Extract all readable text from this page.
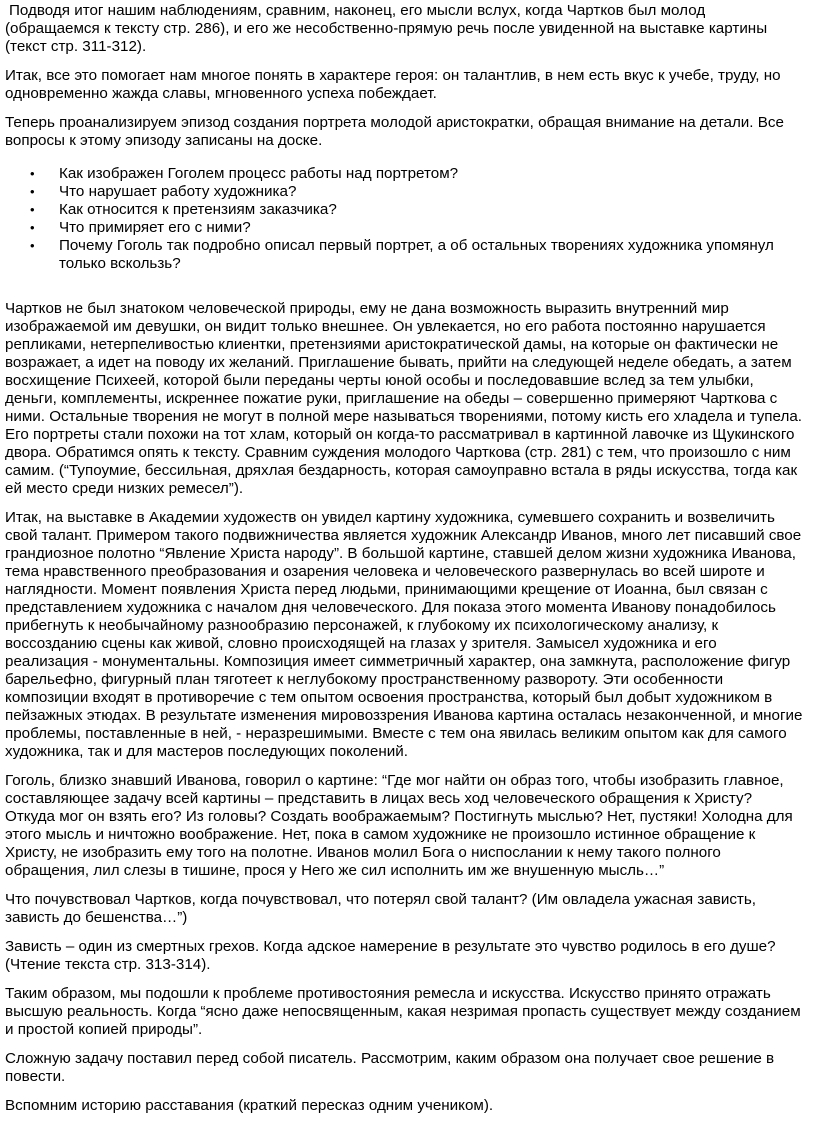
Подводя итог нашим наблюдениям, сравним, наконец, его мысли вслух, когда Чартков был молод (обращаемся к тексту стр. 286), и его же несобственно-прямую речь после увиденной на выставке картины (текст стр. 311-312).

Итак, все это помогает нам многое понять в характере героя: он талантлив, в нем есть вкус к учебе, труду, но одновременно жажда славы, мгновенного успеха побеждает.

Теперь проанализируем эпизод создания портрета молодой аристократки, обращая внимание на детали. Все вопросы к этому эпизоду записаны на доске.

• Как изображен Гоголем процесс работы над портретом?
• Что нарушает работу художника?
• Как относится к претензиям заказчика?
• Что примиряет его с ними?
• Почему Гоголь так подробно описал первый портрет, а об остальных творениях художника упомянул только вскользь?

Чартков не был знатоком человеческой природы, ему не дана возможность выразить внутренний мир изображаемой им девушки, он видит только внешнее. Он увлекается, но его работа постоянно нарушается репликами, нетерпеливостью клиентки, претензиями аристократической дамы, на которые он фактически не возражает, а идет на поводу их желаний. Приглашение бывать, прийти на следующей неделе обедать, а затем восхищение Психеей, которой были переданы черты юной особы и последовавшие вслед за тем улыбки, деньги, комплементы, искреннее пожатие руки, приглашение на обеды – совершенно примеряют Чарткова с ними. Остальные творения не могут в полной мере называться творениями, потому кисть его хладела и тупела. Его портреты стали похожи на тот хлам, который он когда-то рассматривал в картинной лавочке из Щукинского двора. Обратимся опять к тексту. Сравним суждения молодого Чарткова (стр. 281) с тем, что произошло с ним самим. (“Тупоумие, бессильная, дряхлая бездарность, которая самоуправно встала в ряды искусства, тогда как ей место среди низких ремесел”).

Итак, на выставке в Академии художеств он увидел картину художника, сумевшего сохранить и возвеличить свой талант. Примером такого подвижничества является художник Александр Иванов, много лет писавший свое грандиозное полотно “Явление Христа народу”. В большой картине, ставшей делом жизни художника Иванова, тема нравственного преобразования и озарения человека и человеческого развернулась во всей широте и наглядности. Момент появления Христа перед людьми, принимающими крещение от Иоанна, был связан с представлением художника с началом дня человеческого. Для показа этого момента Иванову понадобилось прибегнуть к необычайному разнообразию персонажей, к глубокому их психологическому анализу, к воссозданию сцены как живой, словно происходящей на глазах у зрителя. Замысел художника и его реализация - монументальны. Композиция имеет симметричный характер, она замкнута, расположение фигур барельефно, фигурный план тяготеет к неглубокому пространственному развороту. Эти особенности композиции входят в противоречие с тем опытом освоения пространства, который был добыт художником в пейзажных этюдах. В результате изменения мировоззрения Иванова картина осталась незаконченной, и многие проблемы, поставленные в ней, - неразрешимыми. Вместе с тем она явилась великим опытом как для самого художника, так и для мастеров последующих поколений.

Гоголь, близко знавший Иванова, говорил о картине: “Где мог найти он образ того, чтобы изобразить главное, составляющее задачу всей картины – представить в лицах весь ход человеческого обращения к Христу? Откуда мог он взять его? Из головы? Создать воображаемым? Постигнуть мыслью? Нет, пустяки! Холодна для этого мысль и ничтожно воображение. Нет, пока в самом художнике не произошло истинное обращение к Христу, не изобразить ему того на полотне. Иванов молил Бога о ниспослании к нему такого полного обращения, лил слезы в тишине, прося у Него же сил исполнить им же внушенную мысль…”

Что почувствовал Чартков, когда почувствовал, что потерял свой талант? (Им овладела ужасная зависть, зависть до бешенства…”)

Зависть – один из смертных грехов. Когда адское намерение в результате это чувство родилось в его душе? (Чтение текста стр. 313-314).

Таким образом, мы подошли к проблеме противостояния ремесла и искусства. Искусство принято отражать высшую реальность. Когда “ясно даже непосвященным, какая незримая пропасть существует между созданием и простой копией природы”.

Сложную задачу поставил перед собой писатель. Рассмотрим, каким образом она получает свое решение в повести.

Вспомним историю расставания (краткий пересказ одним учеником).
